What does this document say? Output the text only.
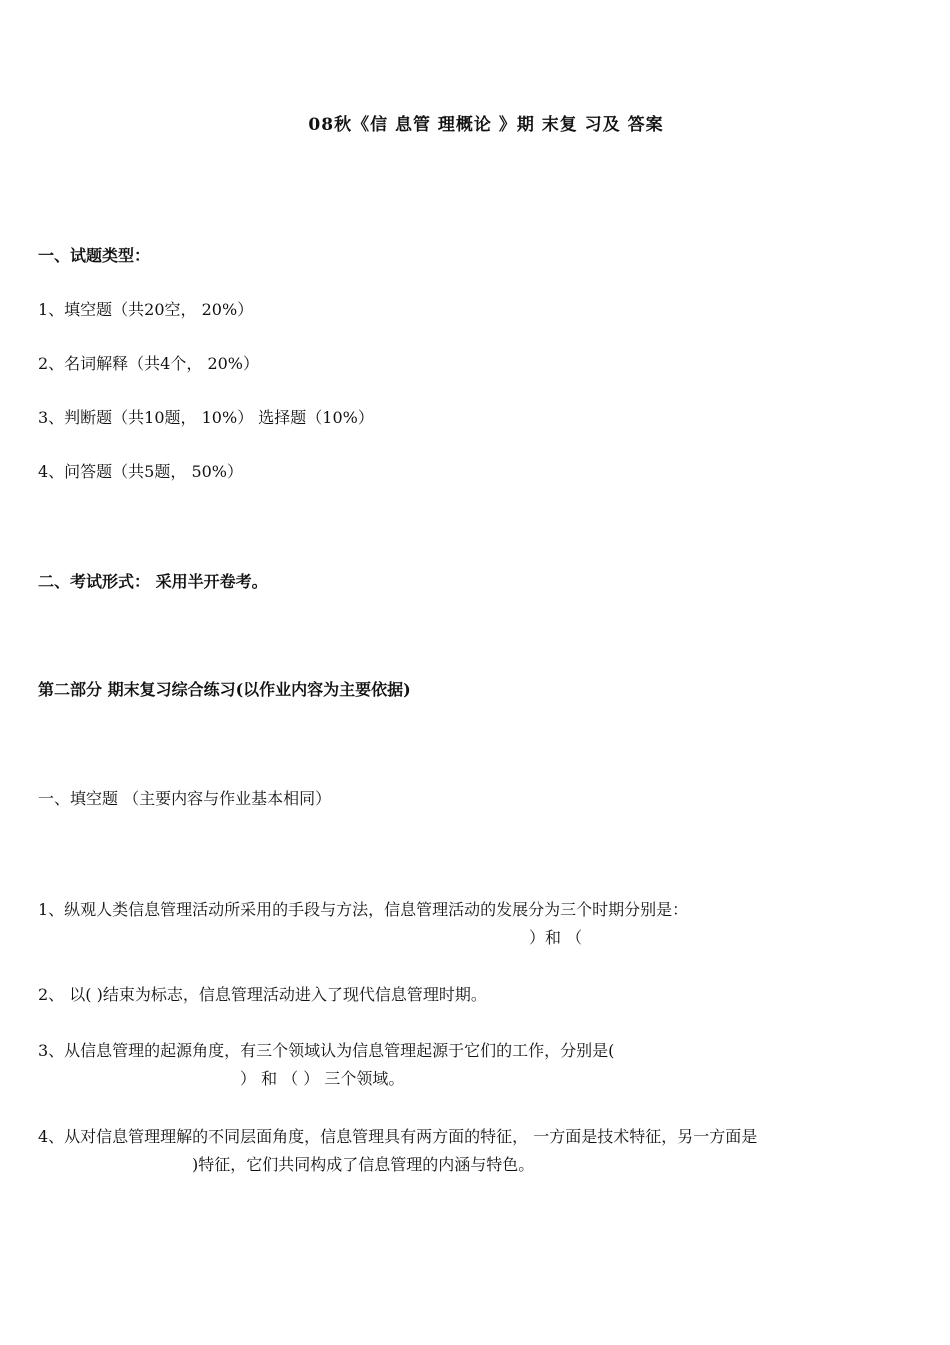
08秋《信 息管 理概论 》期 末复 习及 答案
一、试题类型：
1、填空题（共20空， 20%）
2、名词解释（共4个， 20%）
3、判断题（共10题， 10%） 选择题（10%）
4、问答题（共5题， 50%）
二、考试形式： 采用半开卷考。
第二部分 期末复习综合练习(以作业内容为主要依据)
一、填空题 （主要内容与作业基本相同）
1、纵观人类信息管理活动所采用的手段与方法，信息管理活动的发展分为三个时期分别是：
）和 （
2、 以( )结束为标志，信息管理活动进入了现代信息管理时期。
3、从信息管理的起源角度，有三个领域认为信息管理起源于它们的工作，分别是(
） 和 （ ） 三个领域。
4、从对信息管理理解的不同层面角度，信息管理具有两方面的特征， 一方面是技术特征，另一方面是
)特征，它们共同构成了信息管理的内涵与特色。
